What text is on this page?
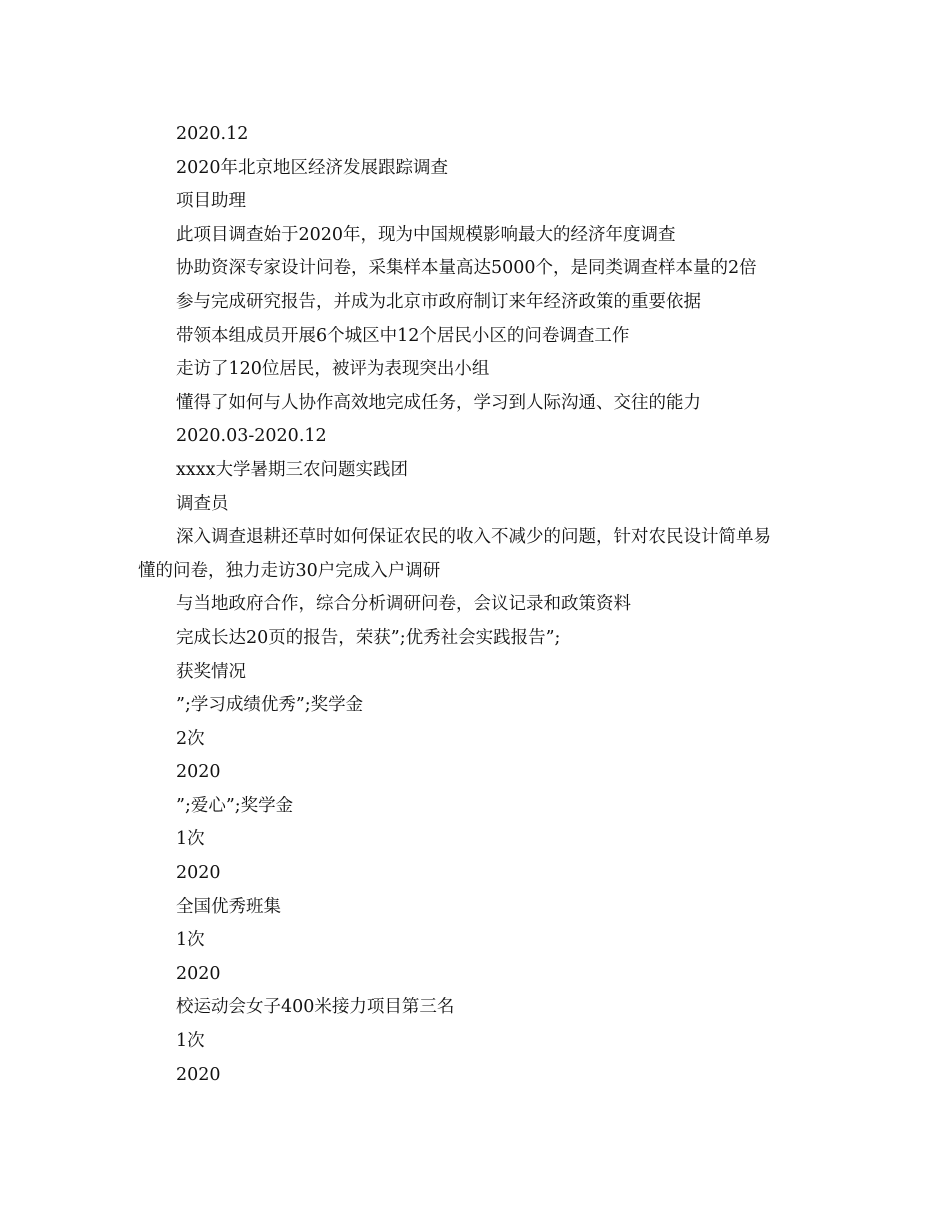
2020.12
2020年北京地区经济发展跟踪调查
项目助理
此项目调查始于2020年，现为中国规模影响最大的经济年度调查
协助资深专家设计问卷，采集样本量高达5000个，是同类调查样本量的2倍
参与完成研究报告，并成为北京市政府制订来年经济政策的重要依据
带领本组成员开展6个城区中12个居民小区的问卷调查工作
走访了120位居民，被评为表现突出小组
懂得了如何与人协作高效地完成任务，学习到人际沟通、交往的能力
2020.03-2020.12
xxxx大学暑期三农问题实践团
调查员
深入调查退耕还草时如何保证农民的收入不减少的问题，针对农民设计简单易
懂的问卷，独力走访30户完成入户调研
与当地政府合作，综合分析调研问卷，会议记录和政策资料
完成长达20页的报告，荣获”;优秀社会实践报告”;
获奖情况
”;学习成绩优秀”;奖学金
2次
2020
”;爱心”;奖学金
1次
2020
全国优秀班集
1次
2020
校运动会女子400米接力项目第三名
1次
2020
